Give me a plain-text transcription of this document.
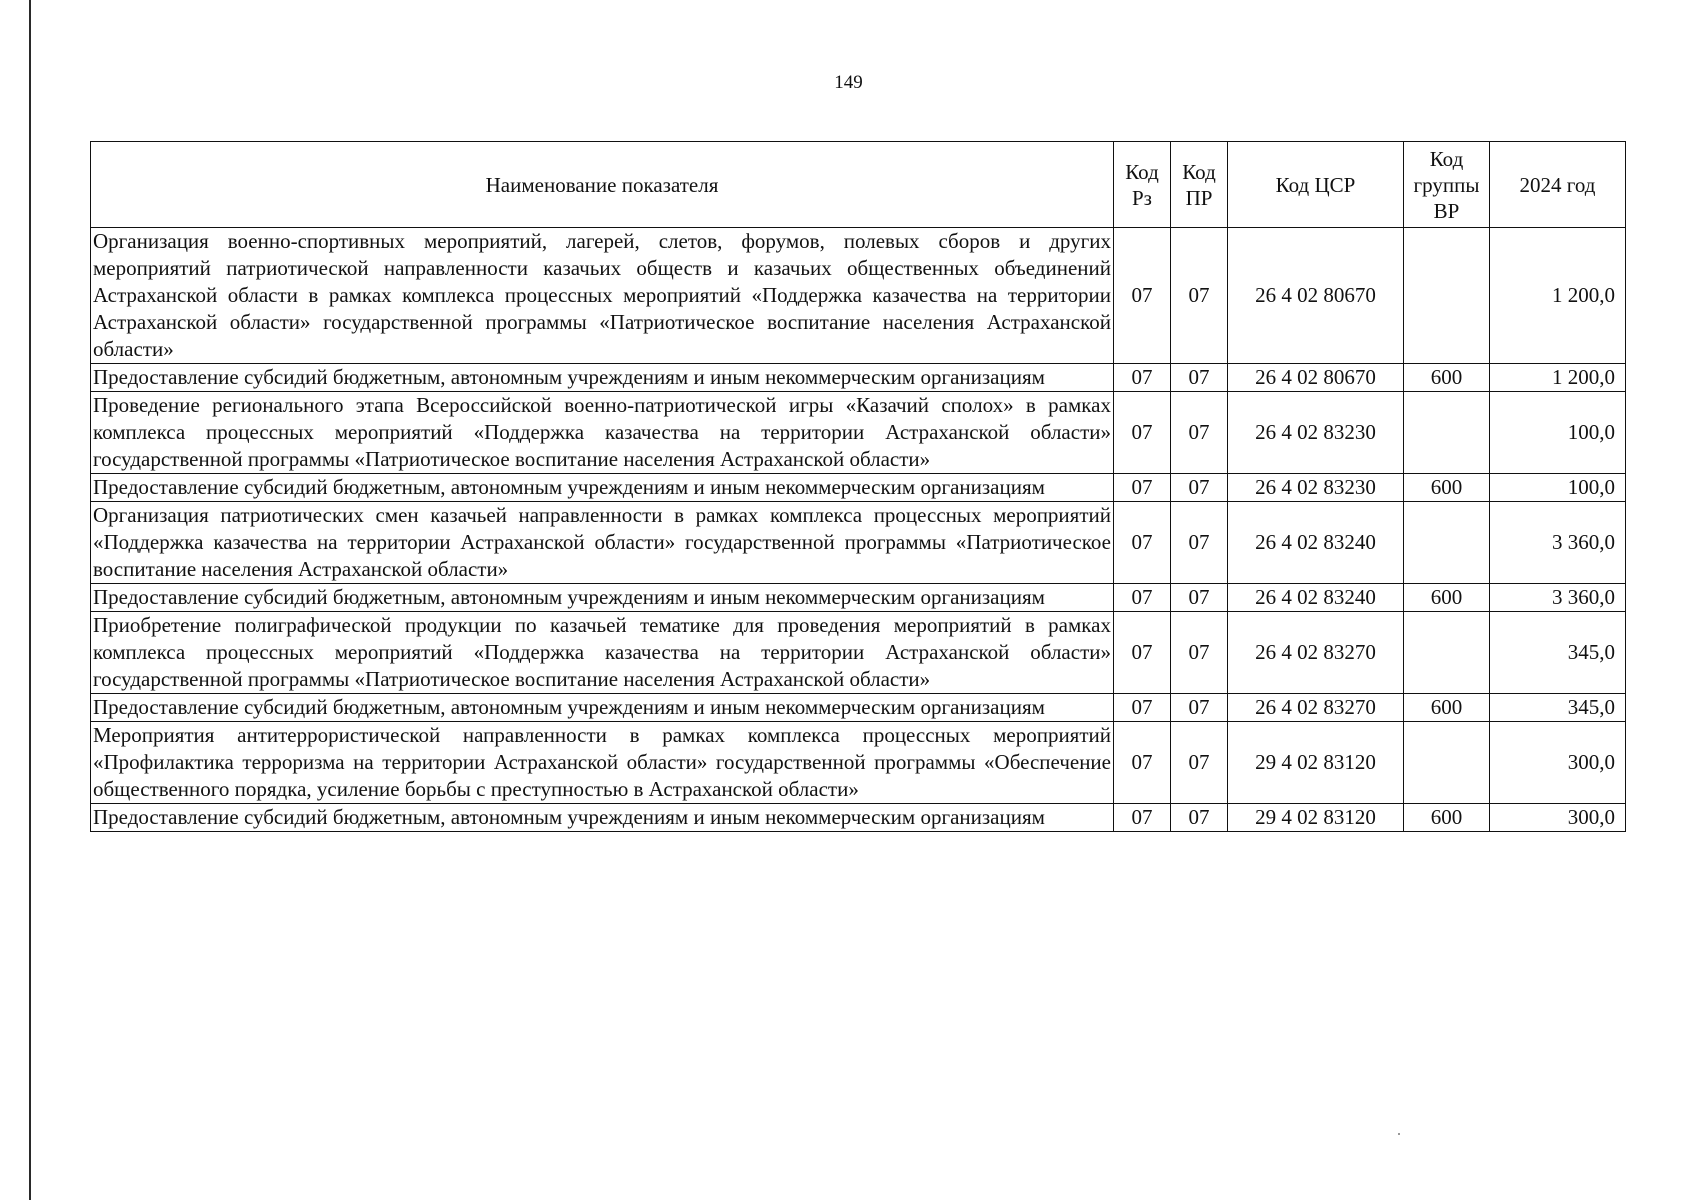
149
Наименование показателя	Код Рз	Код ПР	Код ЦСР	Код группы ВР	2024 год
Организация военно-спортивных мероприятий, лагерей, слетов, форумов, полевых сборов и других мероприятий патриотической направленности казачьих обществ и казачьих общественных объединений Астраханской области в рамках комплекса процессных мероприятий «Поддержка казачества на территории Астраханской области» государственной программы «Патриотическое воспитание населения Астраханской области»	07	07	26 4 02 80670		1 200,0
Предоставление субсидий бюджетным, автономным учреждениям и иным некоммерческим организациям	07	07	26 4 02 80670	600	1 200,0
Проведение регионального этапа Всероссийской военно-патриотической игры «Казачий сполох» в рамках комплекса процессных мероприятий «Поддержка казачества на территории Астраханской области» государственной программы «Патриотическое воспитание населения Астраханской области»	07	07	26 4 02 83230		100,0
Предоставление субсидий бюджетным, автономным учреждениям и иным некоммерческим организациям	07	07	26 4 02 83230	600	100,0
Организация патриотических смен казачьей направленности в рамках комплекса процессных мероприятий «Поддержка казачества на территории Астраханской области» государственной программы «Патриотическое воспитание населения Астраханской области»	07	07	26 4 02 83240		3 360,0
Предоставление субсидий бюджетным, автономным учреждениям и иным некоммерческим организациям	07	07	26 4 02 83240	600	3 360,0
Приобретение полиграфической продукции по казачьей тематике для проведения мероприятий в рамках комплекса процессных мероприятий «Поддержка казачества на территории Астраханской области» государственной программы «Патриотическое воспитание населения Астраханской области»	07	07	26 4 02 83270		345,0
Предоставление субсидий бюджетным, автономным учреждениям и иным некоммерческим организациям	07	07	26 4 02 83270	600	345,0
Мероприятия антитеррористической направленности в рамках комплекса процессных мероприятий «Профилактика терроризма на территории Астраханской области» государственной программы «Обеспечение общественного порядка, усиление борьбы с преступностью в Астраханской области»	07	07	29 4 02 83120		300,0
Предоставление субсидий бюджетным, автономным учреждениям и иным некоммерческим организациям	07	07	29 4 02 83120	600	300,0
